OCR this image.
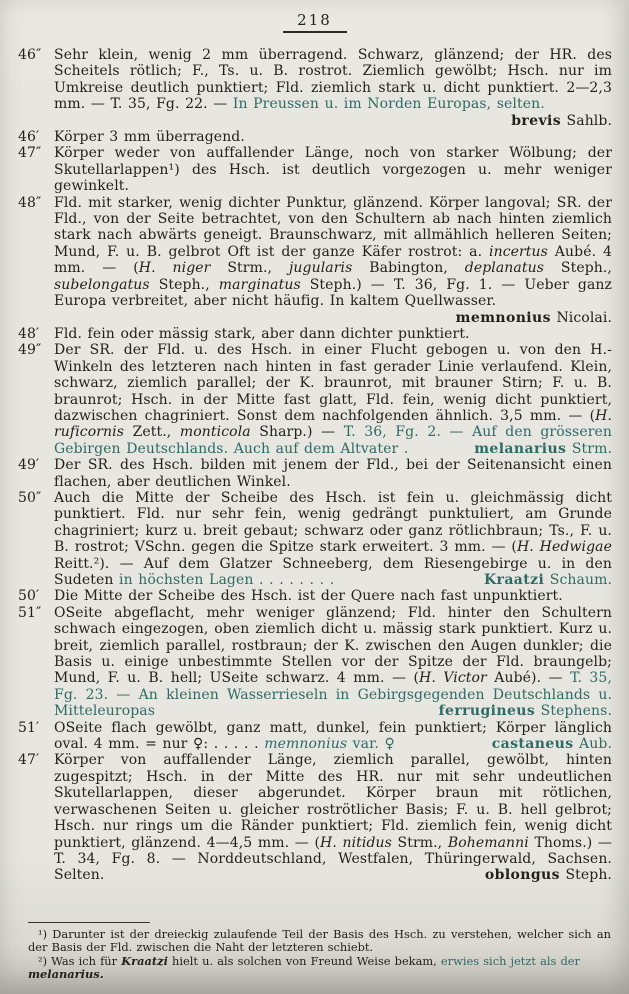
218
46″ Sehr klein, wenig 2 mm überragend. Schwarz, glänzend; der HR. des Scheitels rötlich; F., Ts. u. B. rostrot. Ziemlich gewölbt; Hsch. nur im Umkreise deutlich punktiert; Fld. ziemlich stark u. dicht punktiert. 2—2,3 mm. — T. 35, Fg. 22. — In Preussen u. im Norden Europas, selten.
brevis Sahlb.
46′	Körper 3 mm überragend.
47″ Körper weder von auffallender Länge, noch von starker Wölbung; der Skutellarlappen¹) des Hsch. ist deutlich vorgezogen u. mehr weniger gewinkelt.
48″ Fld. mit starker, wenig dichter Punktur, glänzend. Körper langoval; SR. der Fld., von der Seite betrachtet, von den Schultern ab nach hinten ziemlich stark nach abwärts geneigt. Braunschwarz, mit allmählich helleren Seiten; Mund, F. u. B. gelbrot Oft ist der ganze Käfer rostrot: a. incertus Aubé. 4 mm. — (H. niger Strm., jugularis Babington, deplanatus Steph., subelongatus Steph., marginatus Steph.) — T. 36, Fg. 1. — Ueber ganz Europa verbreitet, aber nicht häufig. In kaltem Quellwasser.
memnonius Nicolai.
48′	Fld. fein oder mässig stark, aber dann dichter punktiert.
49″ Der SR. der Fld. u. des Hsch. in einer Flucht gebogen u. von den H.-Winkeln des letzteren nach hinten in fast gerader Linie verlaufend. Klein, schwarz, ziemlich parallel; der K. braunrot, mit brauner Stirn; F. u. B. braunrot; Hsch. in der Mitte fast glatt, Fld. fein, wenig dicht punktiert, dazwischen chagriniert. Sonst dem nachfolgenden ähnlich. 3,5 mm. — (H. ruficornis Zett., monticola Sharp.) — T. 36, Fg. 2. — Auf den grösseren Gebirgen Deutschlands. Auch auf dem Altvater .	melanarius Strm.
49′	Der SR. des Hsch. bilden mit jenem der Fld., bei der Seitenansicht einen flachen, aber deutlichen Winkel.
50″ Auch die Mitte der Scheibe des Hsch. ist fein u. gleichmässig dicht punktiert. Fld. nur sehr fein, wenig gedrängt punktuliert, am Grunde chagriniert; kurz u. breit gebaut; schwarz oder ganz rötlichbraun; Ts., F. u. B. rostrot; VSchn. gegen die Spitze stark erweitert. 3 mm. — (H. Hedwigae Reitt.²). — Auf dem Glatzer Schneeberg, dem Riesengebirge u. in den Sudeten in höchsten Lagen . . . . . . . .	Kraatzi Schaum.
50′	Die Mitte der Scheibe des Hsch. ist der Quere nach fast unpunktiert.
51″ OSeite abgeflacht, mehr weniger glänzend; Fld. hinter den Schultern schwach eingezogen, oben ziemlich dicht u. mässig stark punktiert. Kurz u. breit, ziemlich parallel, rostbraun; der K. zwischen den Augen dunkler; die Basis u. einige unbestimmte Stellen vor der Spitze der Fld. braungelb; Mund, F. u. B. hell; USeite schwarz. 4 mm. — (H. Victor Aubé). — T. 35, Fg. 23. — An kleinen Wasserrieseln in Gebirgsgegenden Deutschlands u. Mitteleuropas	ferrugineus Stephens.
51′	OSeite flach gewölbt, ganz matt, dunkel, fein punktiert; Körper länglich oval. 4 mm. = nur ♀: . . . . . memnonius var. ♀	castaneus Aub.
47′	Körper von auffallender Länge, ziemlich parallel, gewölbt, hinten zugespitzt; Hsch. in der Mitte des HR. nur mit sehr undeutlichen Skutellarlappen, dieser abgerundet. Körper braun mit rötlichen, verwaschenen Seiten u. gleicher roströtlicher Basis; F. u. B. hell gelbrot; Hsch. nur rings um die Ränder punktiert; Fld. ziemlich fein, wenig dicht punktiert, glänzend. 4—4,5 mm. — (H. nitidus Strm., Bohemanni Thoms.) — T. 34, Fg. 8. — Norddeutschland, Westfalen, Thüringerwald, Sachsen. Selten.	oblongus Steph.
¹) Darunter ist der dreieckig zulaufende Teil der Basis des Hsch. zu verstehen, welcher sich an der Basis der Fld. zwischen die Naht der letzteren schiebt.
²) Was ich für Kraatzi hielt u. als solchen von Freund Weise bekam, erwies sich jetzt als der
melanarius.
